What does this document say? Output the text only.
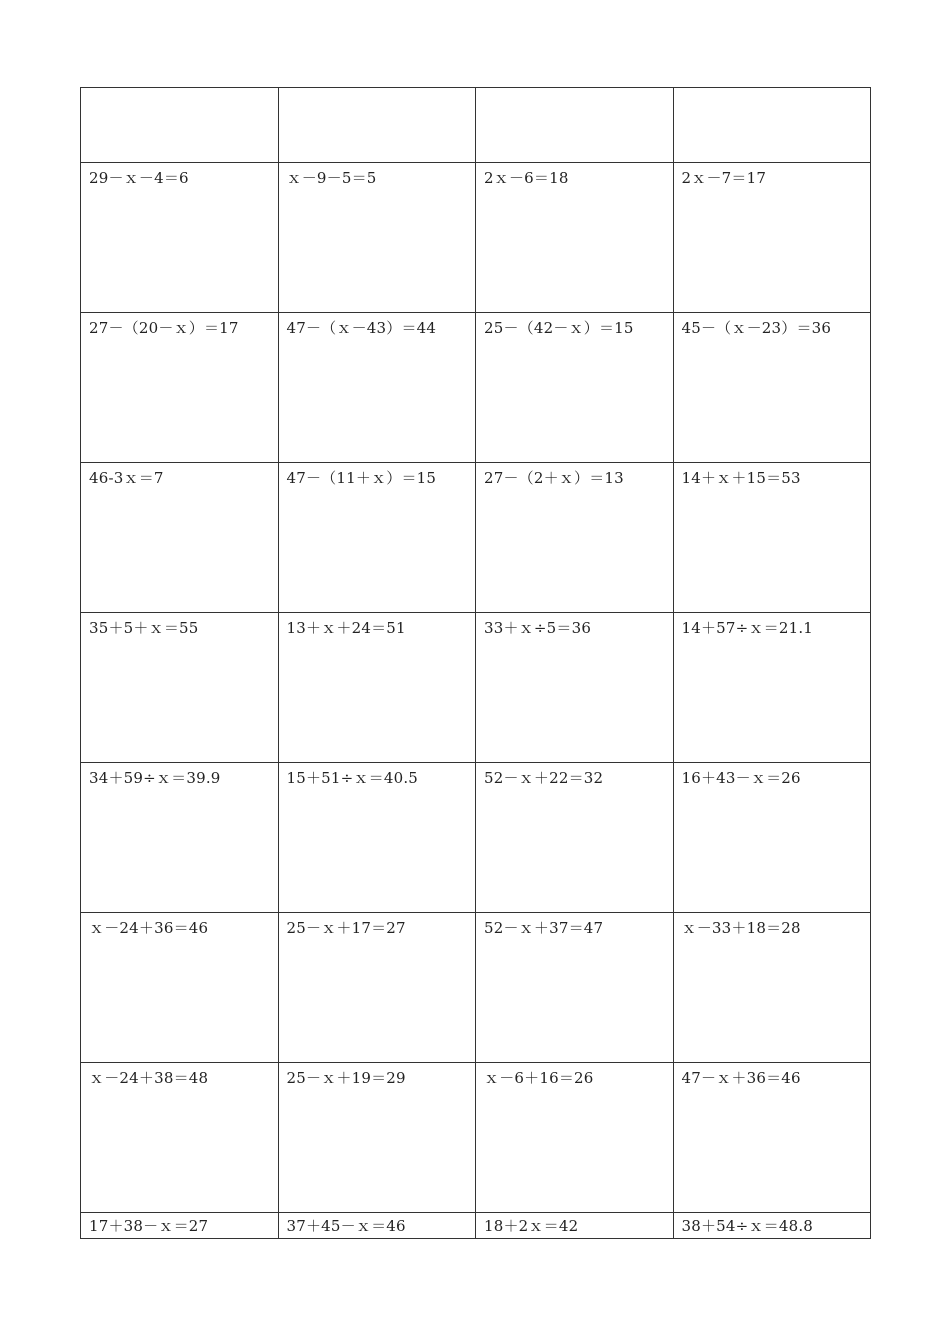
29－ｘ－4＝6	ｘ－9－5＝5	2ｘ－6＝18	2ｘ－7＝17

27－（20－ｘ）＝17	47－（ｘ－43）＝44	25－（42－ｘ）＝15	45－（ｘ－23）＝36

46-3ｘ＝7	47－（11＋ｘ）＝15	27－（2＋ｘ）＝13	14＋ｘ＋15＝53

35＋5＋ｘ＝55	13＋ｘ＋24＝51	33＋ｘ÷5＝36	14＋57÷ｘ＝21.1

34＋59÷ｘ＝39.9	15＋51÷ｘ＝40.5	52－ｘ＋22＝32	16＋43－ｘ＝26

ｘ－24＋36＝46	25－ｘ＋17＝27	52－ｘ＋37＝47	ｘ－33＋18＝28

ｘ－24＋38＝48	25－ｘ＋19＝29	ｘ－6＋16＝26	47－ｘ＋36＝46

17＋38－ｘ＝27	37＋45－ｘ＝46	18＋2ｘ＝42	38＋54÷ｘ＝48.8
